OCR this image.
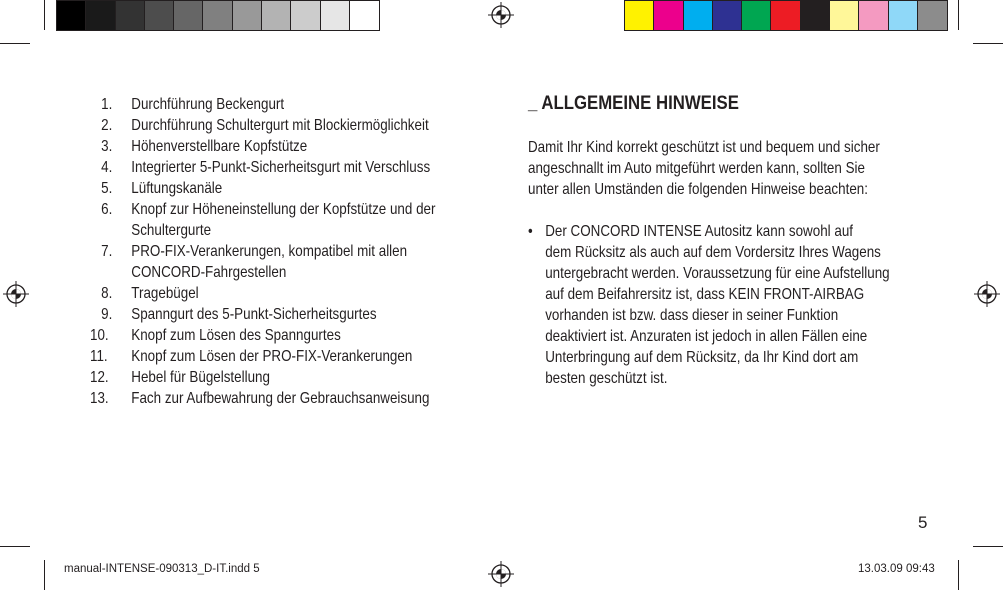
1.	Durchführung Beckengurt
2.	Durchführung Schultergurt mit Blockiermöglichkeit
3.	Höhenverstellbare Kopfstütze
4.	Integrierter 5-Punkt-Sicherheitsgurt mit Verschluss
5.	Lüftungskanäle
6.	Knopf zur Höheneinstellung der Kopfstütze und der
Schultergurte
7.	PRO-FIX-Verankerungen, kompatibel mit allen
CONCORD-Fahrgestellen
8.	Tragebügel
9.	Spanngurt des 5-Punkt-Sicherheitsgurtes
10.	Knopf zum Lösen des Spanngurtes
11.	Knopf zum Lösen der PRO-FIX-Verankerungen
12.	Hebel für Bügelstellung
13.	Fach zur Aufbewahrung der Gebrauchsanweisung
_ ALLGEMEINE HINWEISE
Damit Ihr Kind korrekt geschützt ist und bequem und sicher
angeschnallt im Auto mitgeführt werden kann, sollten Sie
unter allen Umständen die folgenden Hinweise beachten:
• Der CONCORD INTENSE Autositz kann sowohl auf
dem Rücksitz als auch auf dem Vordersitz Ihres Wagens
untergebracht werden. Voraussetzung für eine Aufstellung
auf dem Beifahrersitz ist, dass KEIN FRONT-AIRBAG
vorhanden ist bzw. dass dieser in seiner Funktion
deaktiviert ist. Anzuraten ist jedoch in allen Fällen eine
Unterbringung auf dem Rücksitz, da Ihr Kind dort am
besten geschützt ist.
5
manual-INTENSE-090313_D-IT.indd 5	13.03.09 09:43
